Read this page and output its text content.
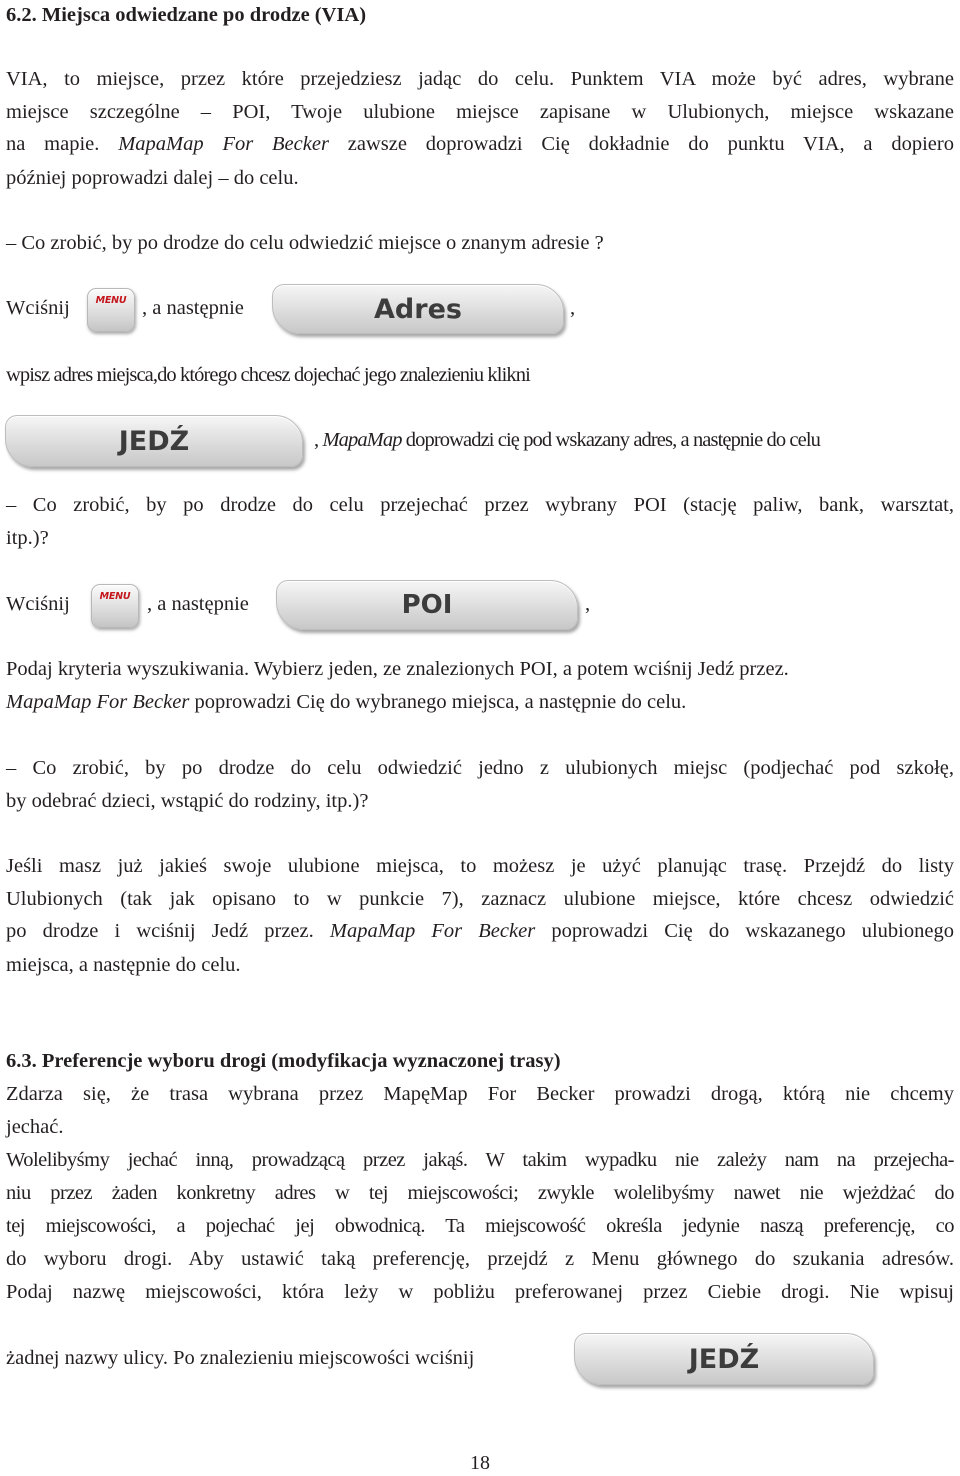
6.2. Miejsca odwiedzane po drodze (VIA)
VIA, to miejsce, przez które przejedziesz jadąc do celu. Punktem VIA może być adres, wybrane
miejsce szczególne – POI, Twoje ulubione miejsce zapisane w Ulubionych, miejsce wskazane
na mapie. MapaMap For Becker zawsze doprowadzi Cię dokładnie do punktu VIA, a dopiero
później poprowadzi dalej – do celu.
– Co zrobić, by po drodze do celu odwiedzić miejsce o znanym adresie ?
Wciśnij	MENU , a następnie	Adres	,
wpisz adres miejsca,do którego chcesz dojechać jego znalezieniu klikni
JEDŹ	, MapaMap doprowadzi cię pod wskazany adres, a następnie do celu
– Co zrobić, by po drodze do celu przejechać przez wybrany POI (stację paliw, bank, warsztat,
itp.)?
Wciśnij	MENU , a następnie	POI	,
Podaj kryteria wyszukiwania. Wybierz jeden, ze znalezionych POI, a potem wciśnij Jedź przez.
MapaMap For Becker poprowadzi Cię do wybranego miejsca, a następnie do celu.
– Co zrobić, by po drodze do celu odwiedzić jedno z ulubionych miejsc (podjechać pod szkołę,
by odebrać dzieci, wstąpić do rodziny, itp.)?
Jeśli masz już jakieś swoje ulubione miejsca, to możesz je użyć planując trasę. Przejdź do listy
Ulubionych (tak jak opisano to w punkcie 7), zaznacz ulubione miejsce, które chcesz odwiedzić
po drodze i wciśnij Jedź przez. MapaMap For Becker poprowadzi Cię do wskazanego ulubionego
miejsca, a następnie do celu.
6.3. Preferencje wyboru drogi (modyfikacja wyznaczonej trasy)
Zdarza się, że trasa wybrana przez MapęMap For Becker prowadzi drogą, którą nie chcemy
jechać.
Wolelibyśmy jechać inną, prowadzącą przez jakąś. W takim wypadku nie zależy nam na przejecha-
niu przez żaden konkretny adres w tej miejscowości; zwykle wolelibyśmy nawet nie wjeżdżać do
tej miejscowości, a pojechać jej obwodnicą. Ta miejscowość określa jedynie naszą preferencję, co
do wyboru drogi. Aby ustawić taką preferencję, przejdź z Menu głównego do szukania adresów.
Podaj nazwę miejscowości, która leży w pobliżu preferowanej przez Ciebie drogi. Nie wpisuj
żadnej nazwy ulicy. Po znalezieniu miejscowości wciśnij	JEDŹ
18
